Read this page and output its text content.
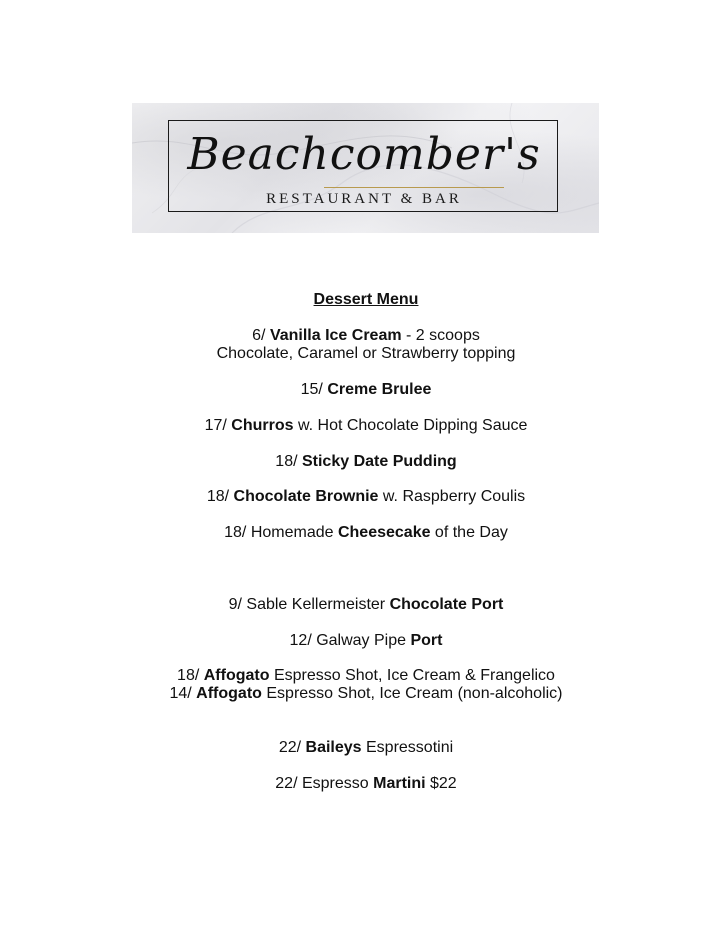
Beachcomber's
RESTAURANT & BAR
Dessert Menu
6/ Vanilla Ice Cream - 2 scoops
Chocolate, Caramel or Strawberry topping
15/ Creme Brulee
17/ Churros w. Hot Chocolate Dipping Sauce
18/ Sticky Date Pudding
18/ Chocolate Brownie w. Raspberry Coulis
18/ Homemade Cheesecake of the Day
9/ Sable Kellermeister Chocolate Port
12/ Galway Pipe Port
18/ Affogato Espresso Shot, Ice Cream & Frangelico
14/ Affogato Espresso Shot, Ice Cream (non-alcoholic)
22/ Baileys Espressotini
22/ Espresso Martini $22
